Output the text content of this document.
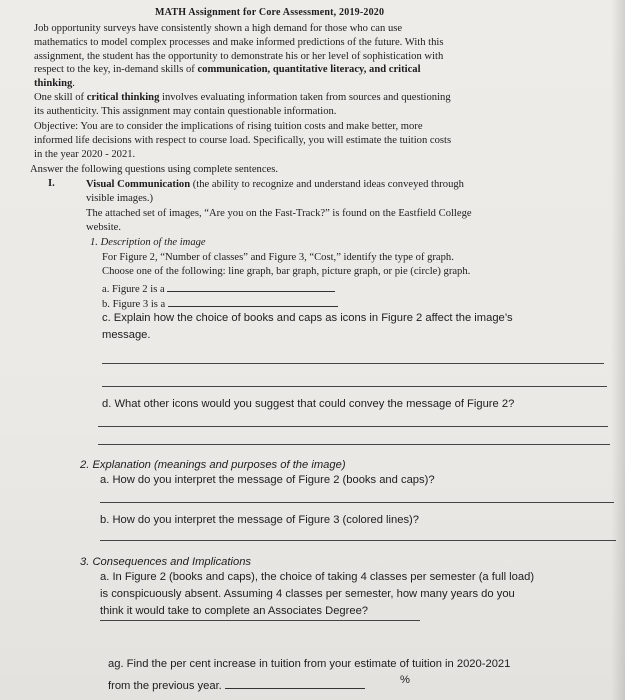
MATH Assignment for Core Assessment, 2019-2020
Job opportunity surveys have consistently shown a high demand for those who can use
mathematics to model complex processes and make informed predictions of the future. With this
assignment, the student has the opportunity to demonstrate his or her level of sophistication with
respect to the key, in-demand skills of communication, quantitative literacy, and critical
thinking.
One skill of critical thinking involves evaluating information taken from sources and questioning
its authenticity. This assignment may contain questionable information.
Objective: You are to consider the implications of rising tuition costs and make better, more
informed life decisions with respect to course load. Specifically, you will estimate the tuition costs
in the year 2020 - 2021.
Answer the following questions using complete sentences.
I.	Visual Communication (the ability to recognize and understand ideas conveyed through
visible images.)
The attached set of images, “Are you on the Fast-Track?” is found on the Eastfield College
website.
1. Description of the image
For Figure 2, “Number of classes” and Figure 3, “Cost,” identify the type of graph.
Choose one of the following: line graph, bar graph, picture graph, or pie (circle) graph.
a. Figure 2 is a
b. Figure 3 is a
c. Explain how the choice of books and caps as icons in Figure 2 affect the image’s
message.
d. What other icons would you suggest that could convey the message of Figure 2?
2. Explanation (meanings and purposes of the image)
a. How do you interpret the message of Figure 2 (books and caps)?
b. How do you interpret the message of Figure 3 (colored lines)?
3. Consequences and Implications
a. In Figure 2 (books and caps), the choice of taking 4 classes per semester (a full load)
is conspicuously absent. Assuming 4 classes per semester, how many years do you
think it would take to complete an Associates Degree?
ag. Find the per cent increase in tuition from your estimate of tuition in 2020-2021
from the previous year.	%
